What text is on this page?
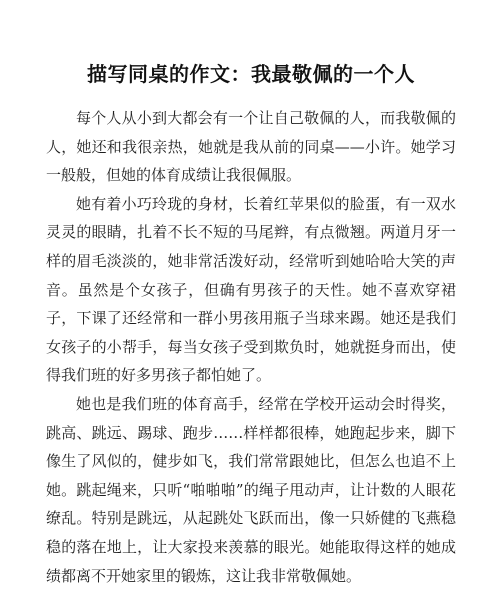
描写同桌的作文：我最敬佩的一个人

每个人从小到大都会有一个让自己敬佩的人，而我敬佩的人，她还和我很亲热，她就是我从前的同桌——小许。她学习一般般，但她的体育成绩让我很佩服。

她有着小巧玲珑的身材，长着红苹果似的脸蛋，有一双水灵灵的眼睛，扎着不长不短的马尾辫，有点微翘。两道月牙一样的眉毛淡淡的，她非常活泼好动，经常听到她哈哈大笑的声音。虽然是个女孩子，但确有男孩子的天性。她不喜欢穿裙子，下课了还经常和一群小男孩用瓶子当球来踢。她还是我们女孩子的小帮手，每当女孩子受到欺负时，她就挺身而出，使得我们班的好多男孩子都怕她了。

她也是我们班的体育高手，经常在学校开运动会时得奖，跳高、跳远、踢球、跑步……样样都很棒，她跑起步来，脚下像生了风似的，健步如飞，我们常常跟她比，但怎么也追不上她。跳起绳来，只听“啪啪啪”的绳子甩动声，让计数的人眼花缭乱。特别是跳远，从起跳处飞跃而出，像一只娇健的飞燕稳稳的落在地上，让大家投来羡慕的眼光。她能取得这样的她成绩都离不开她家里的锻炼，这让我非常敬佩她。
